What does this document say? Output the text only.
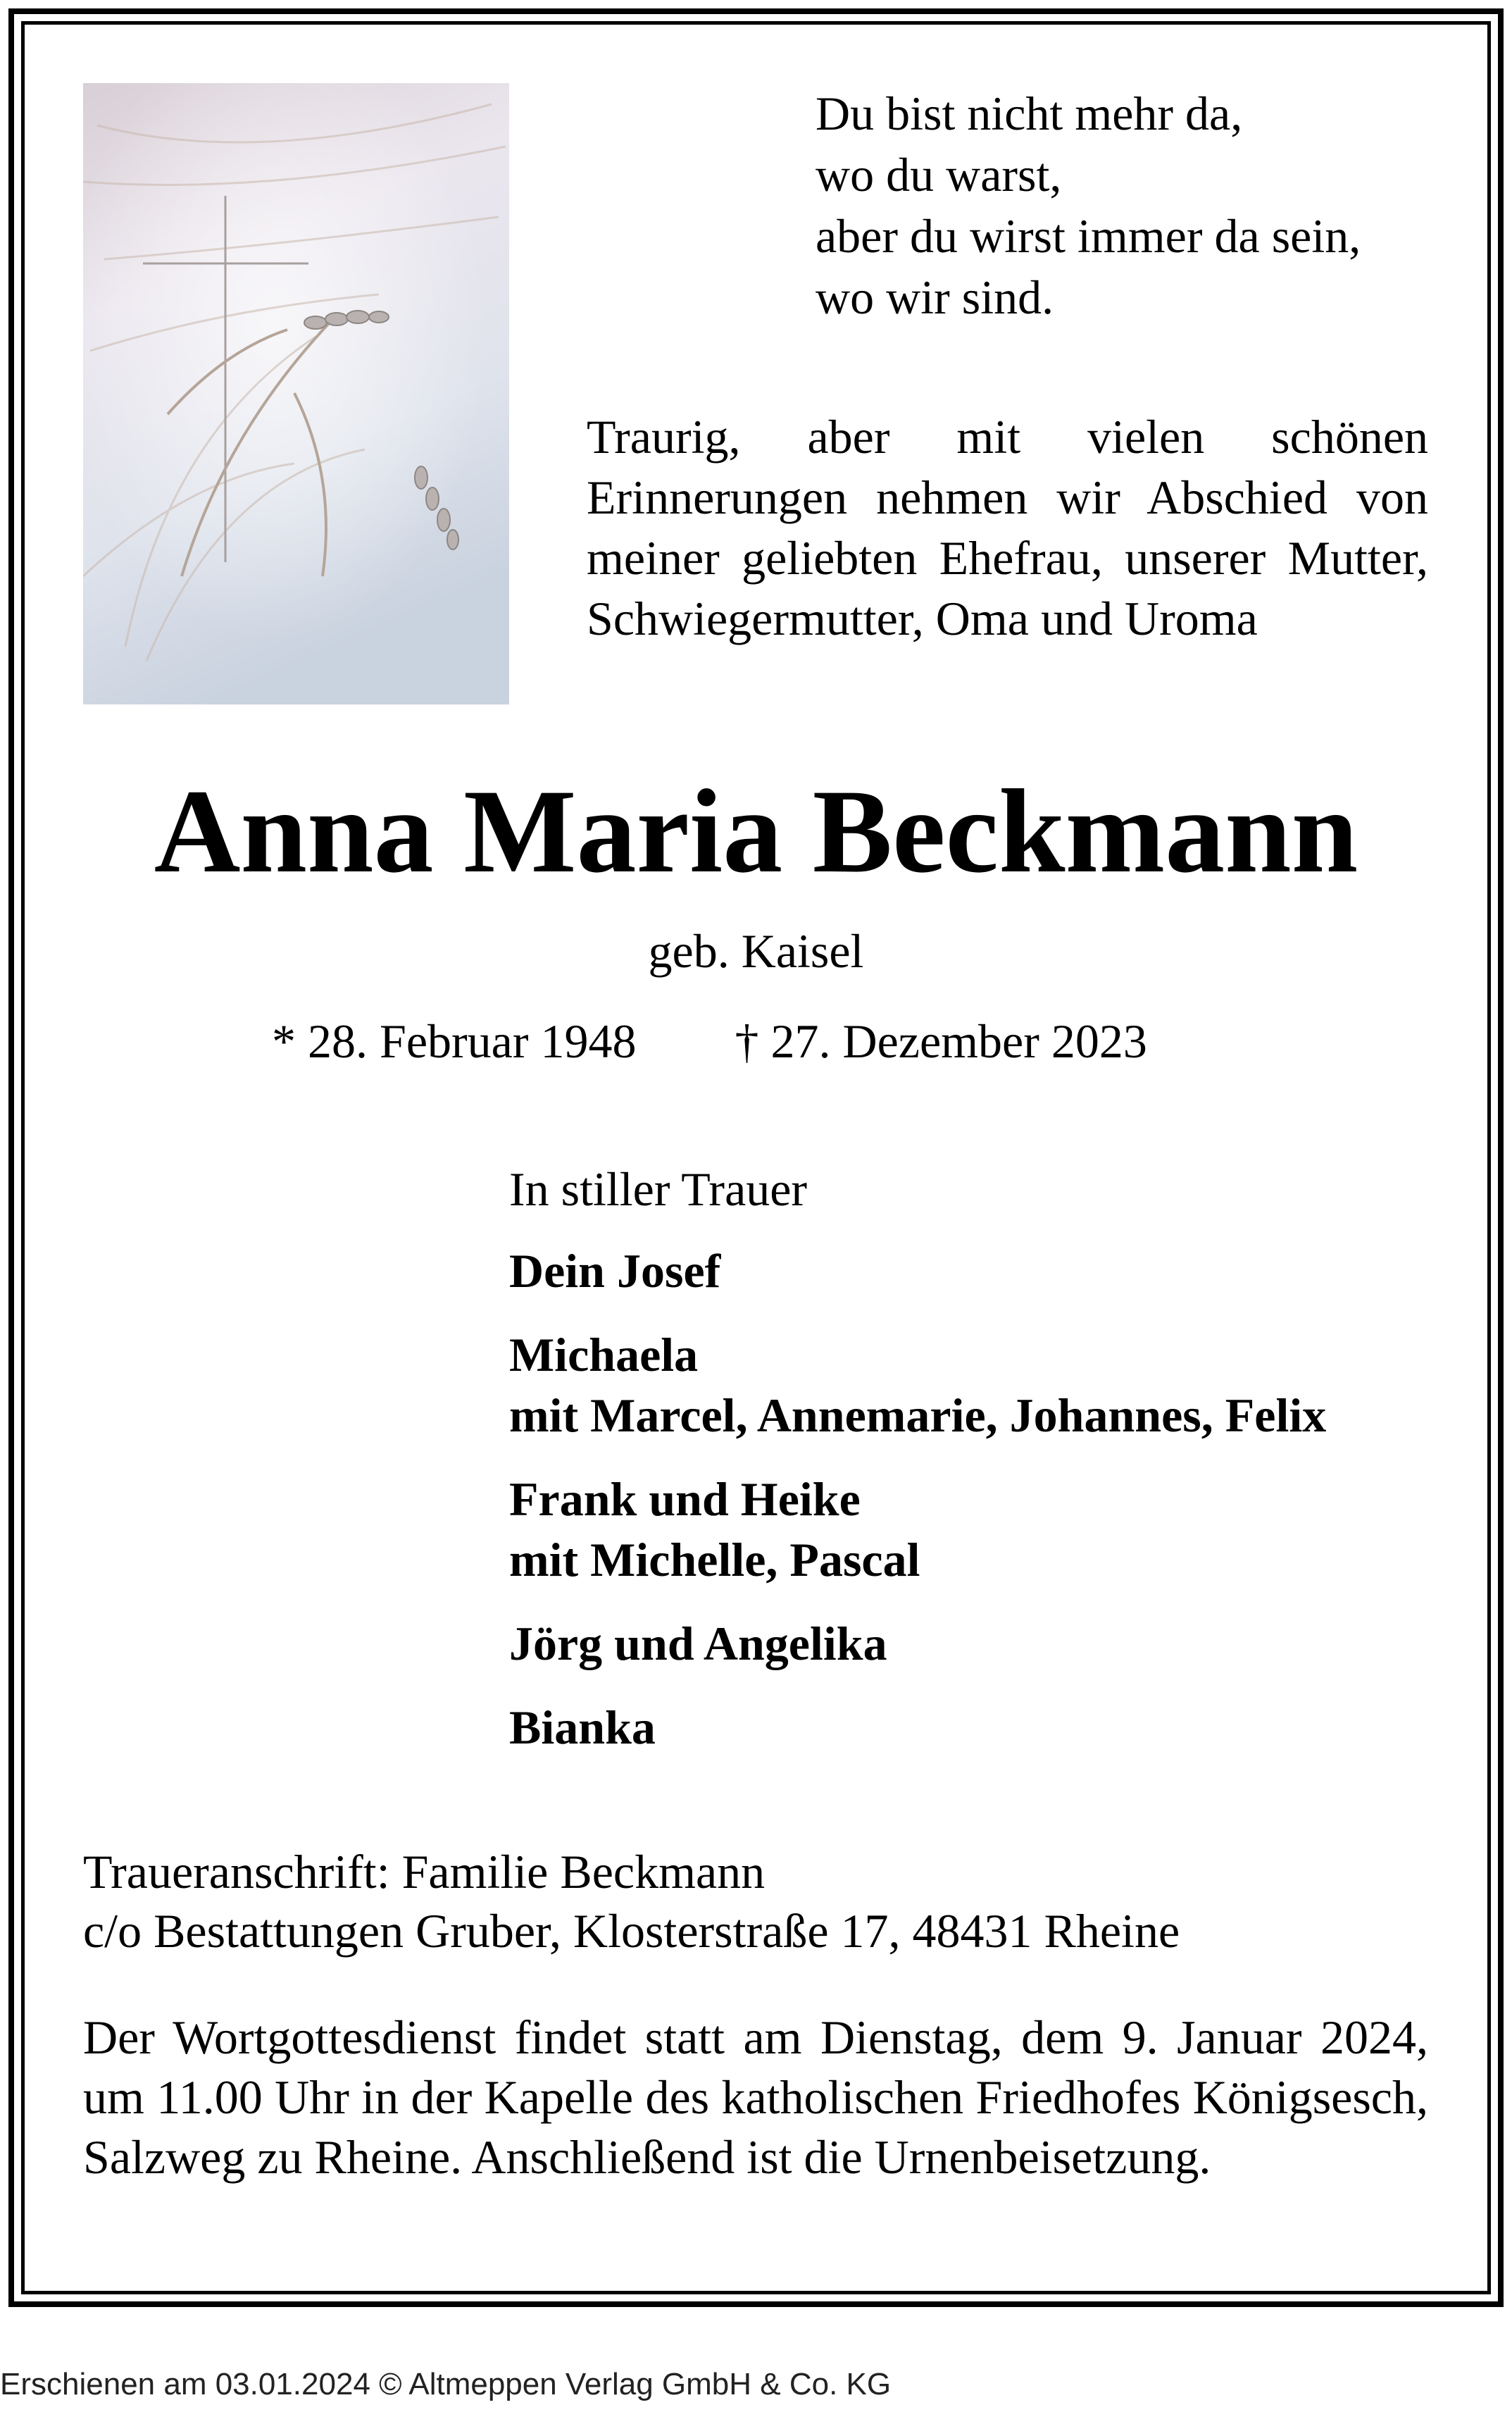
Du bist nicht mehr da,
wo du warst,
aber du wirst immer da sein,
wo wir sind.
Traurig, aber mit vielen schönen Erinnerungen nehmen wir Abschied von meiner geliebten Ehefrau, unserer Mutter, Schwiegermutter, Oma und Uroma
Anna Maria Beckmann
geb. Kaisel
* 28. Februar 1948 † 27. Dezember 2023
In stiller Trauer
Dein Josef
Michaela
mit Marcel, Annemarie, Johannes, Felix
Frank und Heike
mit Michelle, Pascal
Jörg und Angelika
Bianka
Traueranschrift: Familie Beckmann
c/o Bestattungen Gruber, Klosterstraße 17, 48431 Rheine
Der Wortgottesdienst findet statt am Dienstag, dem 9. Januar 2024, um 11.00 Uhr in der Kapelle des katholischen Friedhofes Königsesch, Salzweg zu Rheine. Anschließend ist die Urnenbeisetzung.
Erschienen am 03.01.2024 © Altmeppen Verlag GmbH & Co. KG
